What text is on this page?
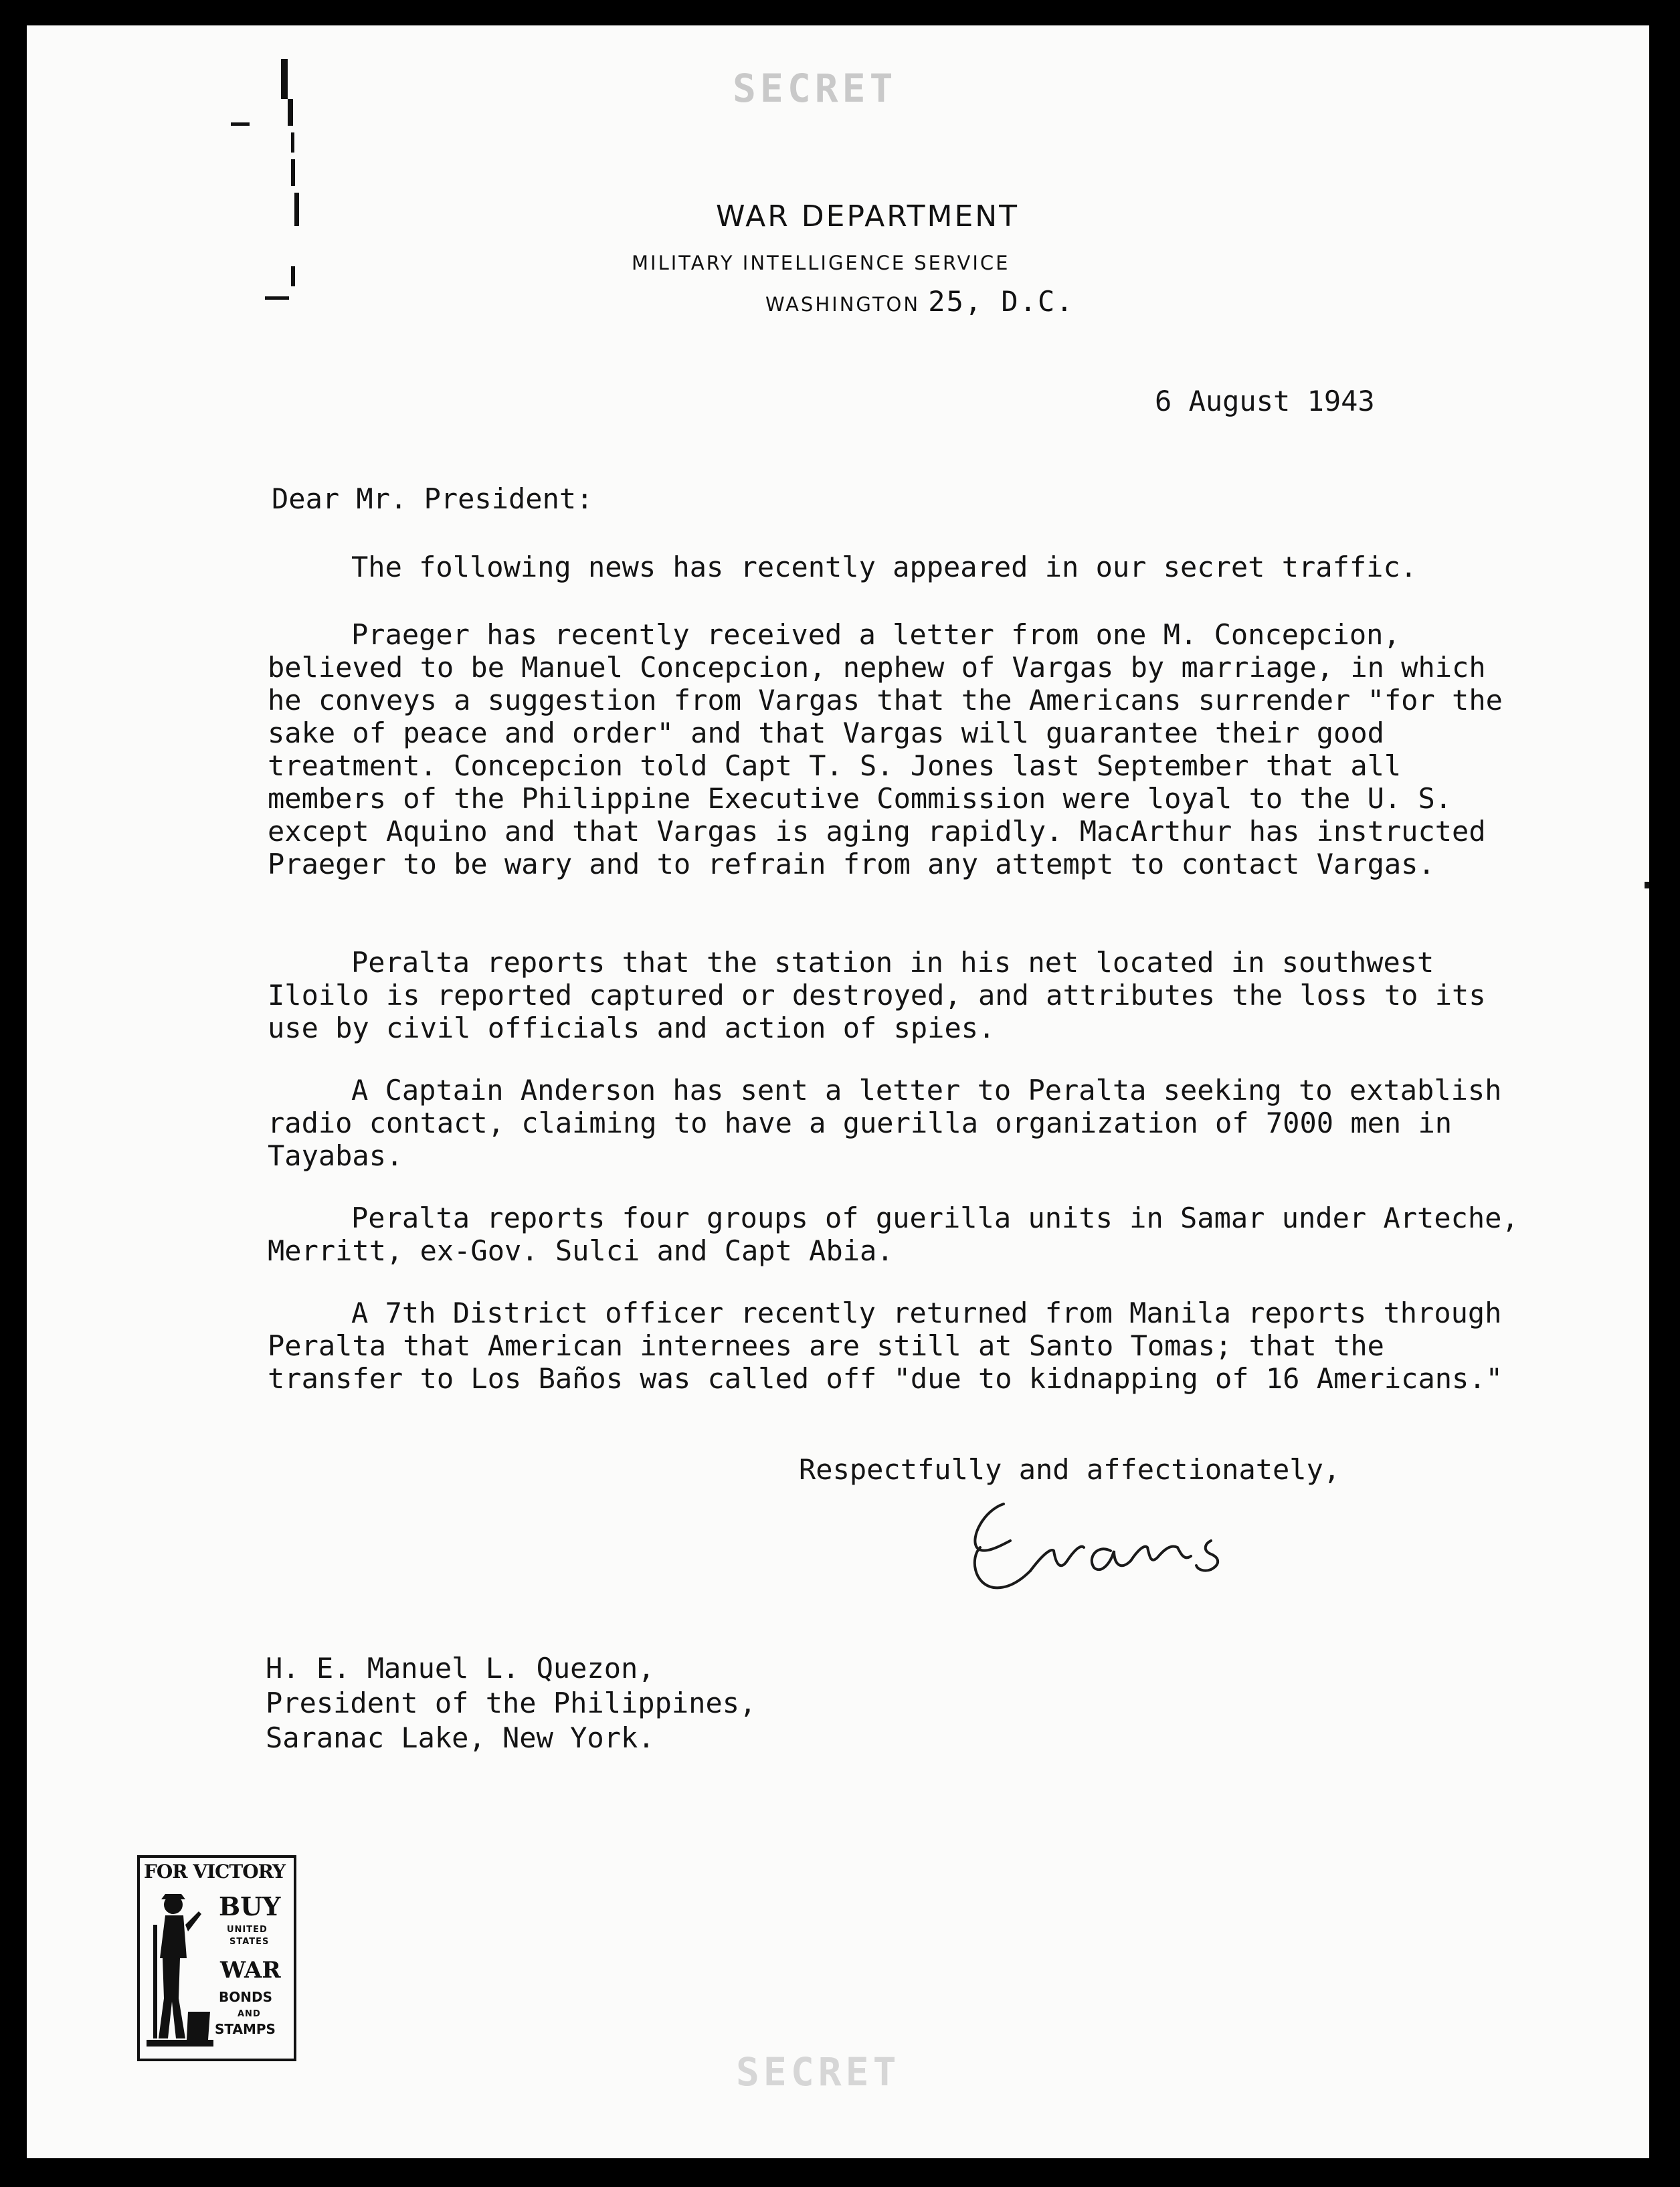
SECRET
WAR DEPARTMENT
MILITARY INTELLIGENCE SERVICE
WASHINGTON 25, D.C.
6 August 1943
Dear Mr. President:

The following news has recently appeared in our secret traffic.

Praeger has recently received a letter from one M. Concepcion, believed to be Manuel Concepcion, nephew of Vargas by marriage, in which he conveys a suggestion from Vargas that the Americans surrender "for the sake of peace and order" and that Vargas will guarantee their good treatment. Concepcion told Capt T. S. Jones last September that all members of the Philippine Executive Commission were loyal to the U. S. except Aquino and that Vargas is aging rapidly. MacArthur has instructed Praeger to be wary and to refrain from any attempt to contact Vargas.

Peralta reports that the station in his net located in southwest Iloilo is reported captured or destroyed, and attributes the loss to its use by civil officials and action of spies.

A Captain Anderson has sent a letter to Peralta seeking to extablish radio contact, claiming to have a guerilla organization of 7000 men in Tayabas.

Peralta reports four groups of guerilla units in Samar under Arteche, Merritt, ex-Gov. Sulci and Capt Abia.

A 7th District officer recently returned from Manila reports through Peralta that American internees are still at Santo Tomas; that the transfer to Los Baños was called off "due to kidnapping of 16 Americans."

Respectfully and affectionately,
H. E. Manuel L. Quezon,
President of the Philippines,
Saranac Lake, New York.
FOR VICTORY
BUY
UNITED
STATES
WAR
BONDS
AND
STAMPS
SECRET
